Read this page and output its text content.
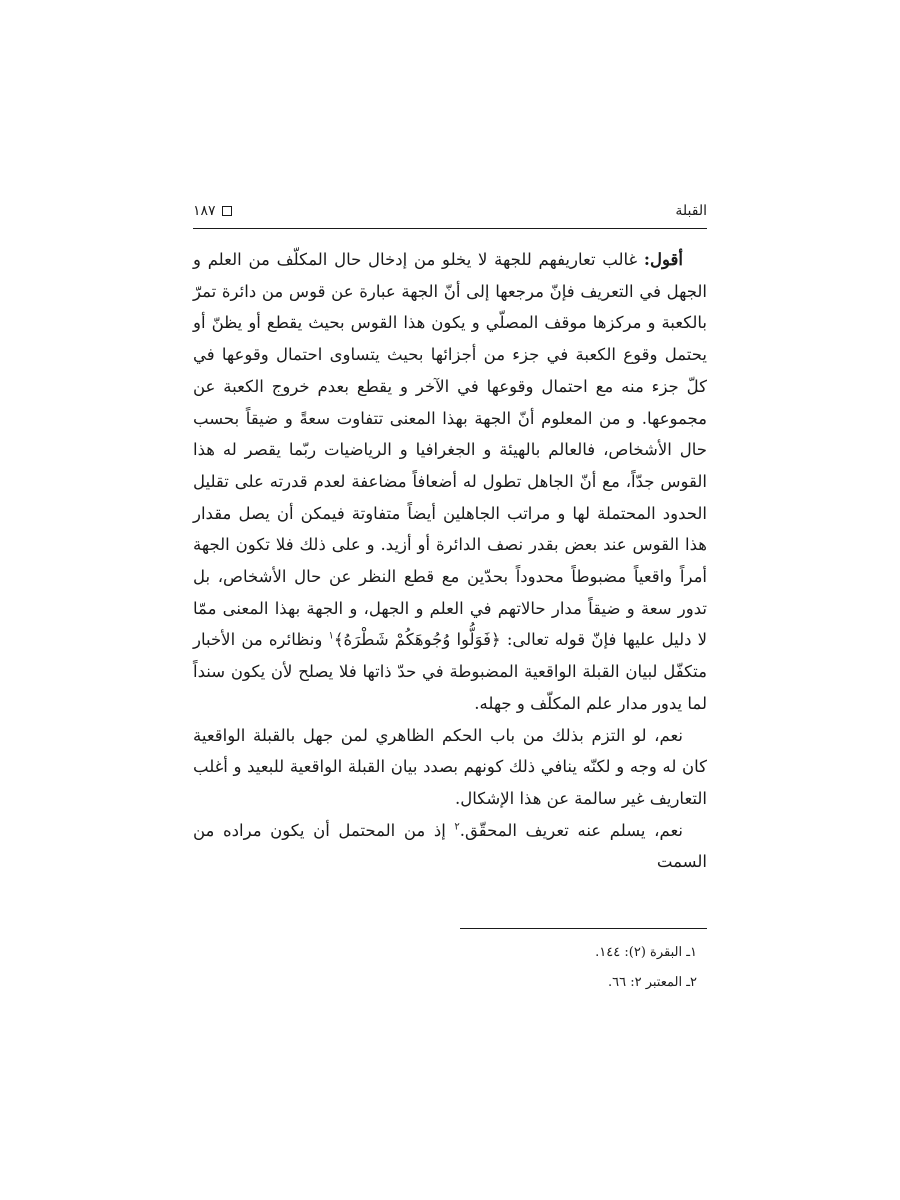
القبلة
١٨٧

أقول: غالب تعاريفهم للجهة لا يخلو من إدخال حال المكلّف من العلم و الجهل في التعريف فإنّ مرجعها إلى أنّ الجهة عبارة عن قوس من دائرة تمرّ بالكعبة و مركزها موقف المصلّي و يكون هذا القوس بحيث يقطع أو يظنّ أو يحتمل وقوع الكعبة في جزء من أجزائها بحيث يتساوى احتمال وقوعها في كلّ جزء منه مع احتمال وقوعها في الآخر و يقطع بعدم خروج الكعبة عن مجموعها. و من المعلوم أنّ الجهة بهذا المعنى تتفاوت سعةً و ضيقاً بحسب حال الأشخاص، فالعالم بالهيئة و الجغرافيا و الرياضيات ربّما يقصر له هذا القوس جدّاً، مع أنّ الجاهل تطول له أضعافاً مضاعفة لعدم قدرته على تقليل الحدود المحتملة لها و مراتب الجاهلين أيضاً متفاوتة فيمكن أن يصل مقدار هذا القوس عند بعض بقدر نصف الدائرة أو أزيد. و على ذلك فلا تكون الجهة أمراً واقعياً مضبوطاً محدوداً بحدّين مع قطع النظر عن حال الأشخاص، بل تدور سعة و ضيقاً مدار حالاتهم في العلم و الجهل، و الجهة بهذا المعنى ممّا لا دليل عليها فإنّ قوله تعالى: ﴿فَوَلُّوا وُجُوهَكُمْ شَطْرَهُ﴾$^١$ ونظائره من الأخبار متكفّل لبيان القبلة الواقعية المضبوطة في حدّ ذاتها فلا يصلح لأن يكون سنداً لما يدور مدار علم المكلّف و جهله.

نعم، لو التزم بذلك من باب الحكم الظاهري لمن جهل بالقبلة الواقعية كان له وجه و لكنّه ينافي ذلك كونهم بصدد بيان القبلة الواقعية للبعيد و أغلب التعاريف غير سالمة عن هذا الإشكال.

نعم، يسلم عنه تعريف المحقّق.$^٢$ إذ من المحتمل أن يكون مراده من السمت

١ـ البقرة (٢): ١٤٤.
٢ـ المعتبر ٢: ٦٦.
